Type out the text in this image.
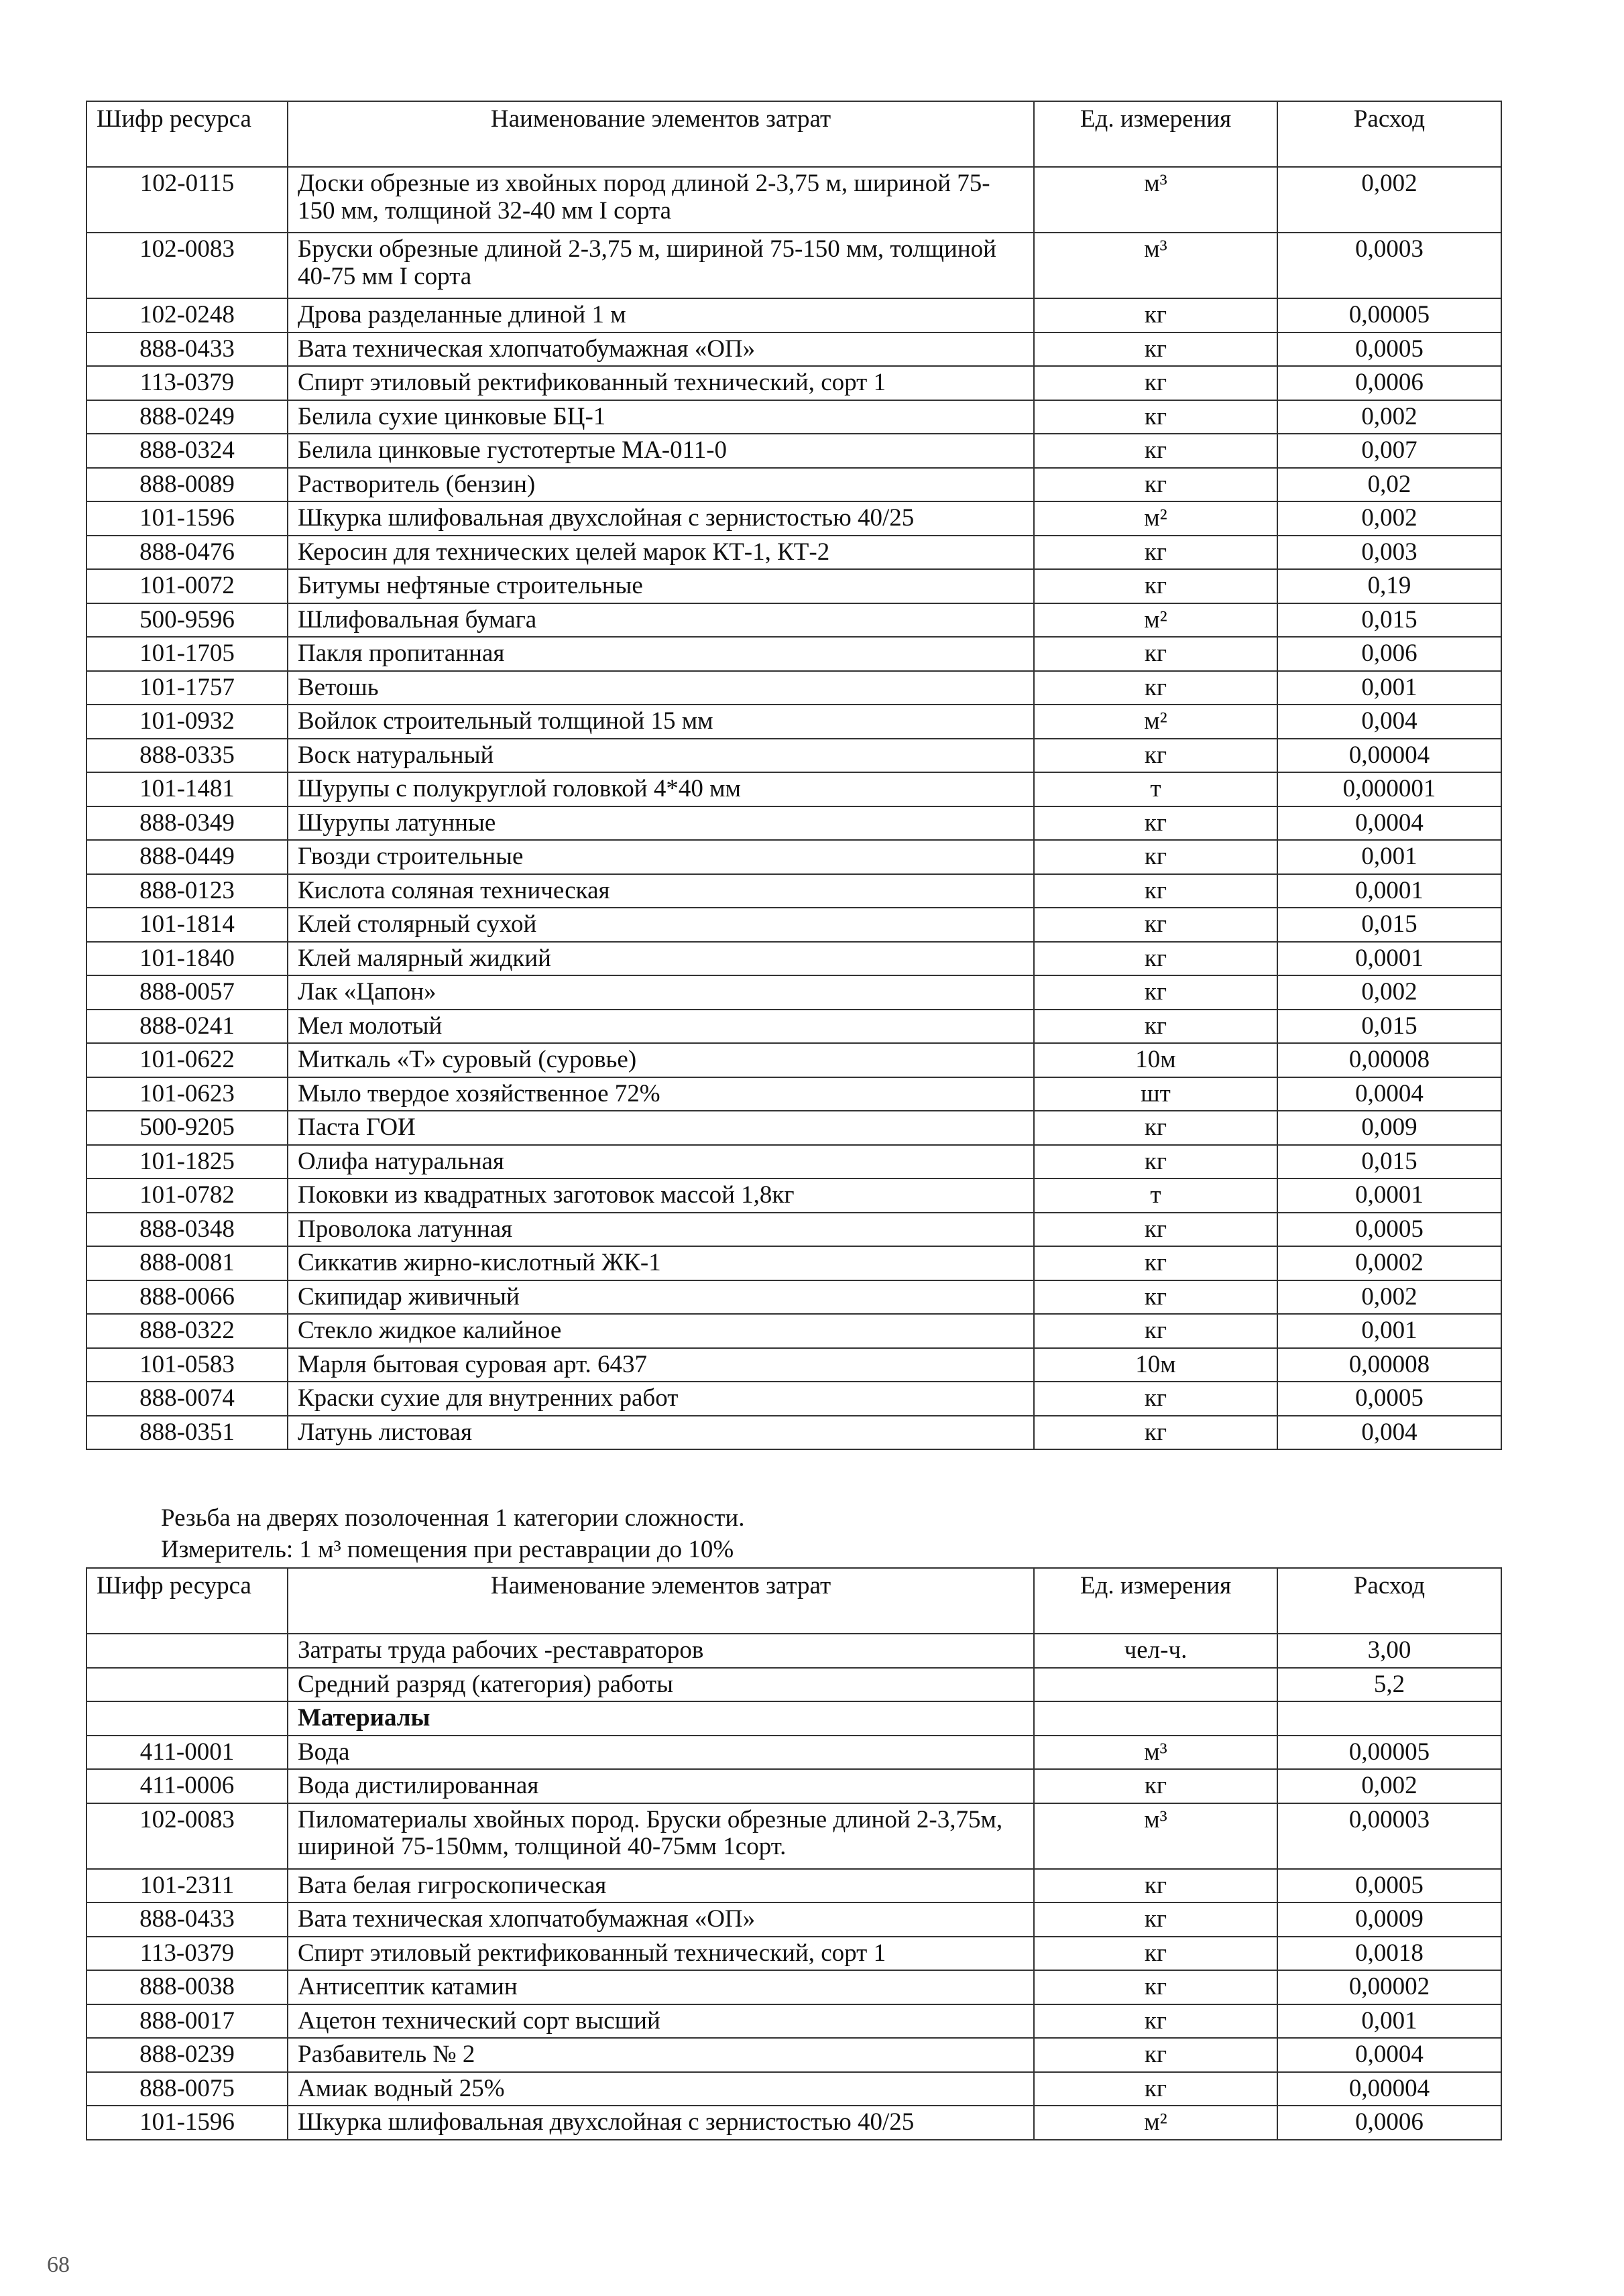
Шифр ресурса	Наименование элементов затрат	Ед. измерения	Расход
102-0115	Доски обрезные из хвойных пород длиной 2-3,75 м, шириной 75-150 мм, толщиной 32-40 мм I сорта	м³	0,002
102-0083	Бруски обрезные длиной 2-3,75 м, шириной 75-150 мм, толщиной 40-75 мм I сорта	м³	0,0003
102-0248	Дрова разделанные длиной 1 м	кг	0,00005
888-0433	Вата техническая хлопчатобумажная «ОП»	кг	0,0005
113-0379	Спирт этиловый ректификованный технический, сорт 1	кг	0,0006
888-0249	Белила сухие цинковые БЦ-1	кг	0,002
888-0324	Белила цинковые густотертые МА-011-0	кг	0,007
888-0089	Растворитель (бензин)	кг	0,02
101-1596	Шкурка шлифовальная двухслойная с зернистостью 40/25	м²	0,002
888-0476	Керосин для технических целей марок КТ-1, КТ-2	кг	0,003
101-0072	Битумы нефтяные строительные	кг	0,19
500-9596	Шлифовальная бумага	м²	0,015
101-1705	Пакля пропитанная	кг	0,006
101-1757	Ветошь	кг	0,001
101-0932	Войлок строительный толщиной 15 мм	м²	0,004
888-0335	Воск натуральный	кг	0,00004
101-1481	Шурупы с полукруглой головкой 4*40 мм	т	0,000001
888-0349	Шурупы латунные	кг	0,0004
888-0449	Гвозди строительные	кг	0,001
888-0123	Кислота соляная техническая	кг	0,0001
101-1814	Клей столярный сухой	кг	0,015
101-1840	Клей малярный жидкий	кг	0,0001
888-0057	Лак «Цапон»	кг	0,002
888-0241	Мел молотый	кг	0,015
101-0622	Миткаль «Т» суровый (суровье)	10м	0,00008
101-0623	Мыло твердое хозяйственное 72%	шт	0,0004
500-9205	Паста ГОИ	кг	0,009
101-1825	Олифа натуральная	кг	0,015
101-0782	Поковки из квадратных заготовок массой 1,8кг	т	0,0001
888-0348	Проволока латунная	кг	0,0005
888-0081	Сиккатив жирно-кислотный ЖК-1	кг	0,0002
888-0066	Скипидар живичный	кг	0,002
888-0322	Стекло жидкое калийное	кг	0,001
101-0583	Марля бытовая суровая арт. 6437	10м	0,00008
888-0074	Краски сухие для внутренних работ	кг	0,0005
888-0351	Латунь листовая	кг	0,004
Резьба на дверях позолоченная 1 категории сложности.
Измеритель: 1 м³ помещения при реставрации до 10%
Шифр ресурса	Наименование элементов затрат	Ед. измерения	Расход
	Затраты труда рабочих -реставраторов	чел-ч.	3,00
	Средний разряд (категория) работы		5,2
	Материалы		
411-0001	Вода	м³	0,00005
411-0006	Вода дистилированная	кг	0,002
102-0083	Пиломатериалы хвойных пород. Бруски обрезные длиной 2-3,75м, шириной 75-150мм, толщиной 40-75мм 1сорт.	м³	0,00003
101-2311	Вата белая гигроскопическая	кг	0,0005
888-0433	Вата техническая хлопчатобумажная «ОП»	кг	0,0009
113-0379	Спирт этиловый ректификованный технический, сорт 1	кг	0,0018
888-0038	Антисептик катамин	кг	0,00002
888-0017	Ацетон технический сорт высший	кг	0,001
888-0239	Разбавитель № 2	кг	0,0004
888-0075	Амиак водный 25%	кг	0,00004
101-1596	Шкурка шлифовальная двухслойная с зернистостью 40/25	м²	0,0006
68
